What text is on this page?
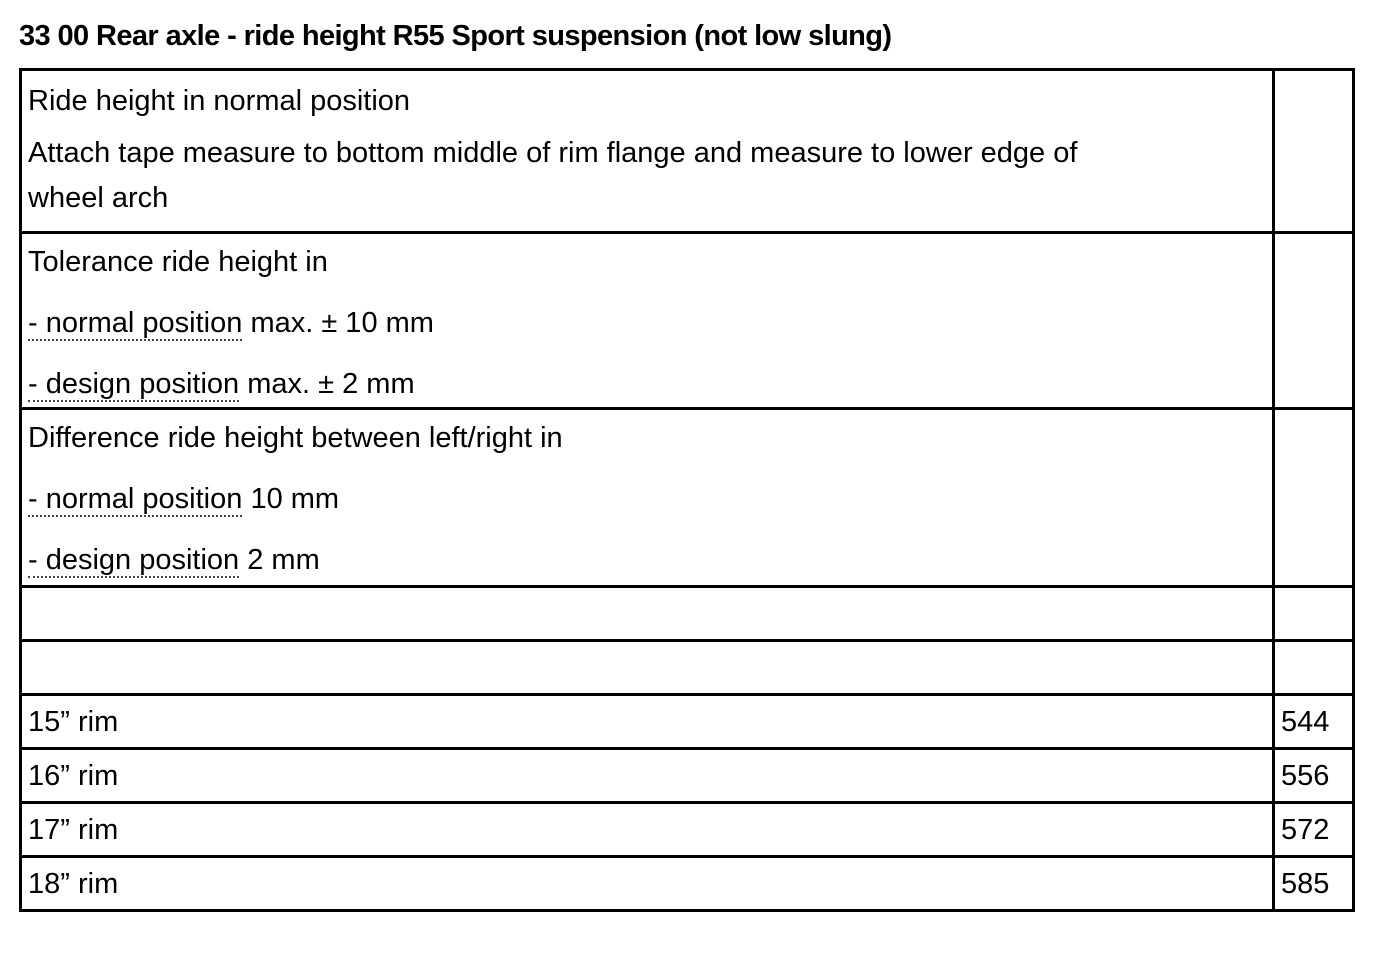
33 00 Rear axle - ride height R55 Sport suspension (not low slung)

Ride height in normal position

Attach tape measure to bottom middle of rim flange and measure to lower edge of
wheel arch	

Tolerance ride height in

- normal position max. ± 10 mm

- design position max. ± 2 mm	

Difference ride height between left/right in

- normal position 10 mm

- design position 2 mm	

15” rim	544
16” rim	556
17” rim	572
18” rim	585
